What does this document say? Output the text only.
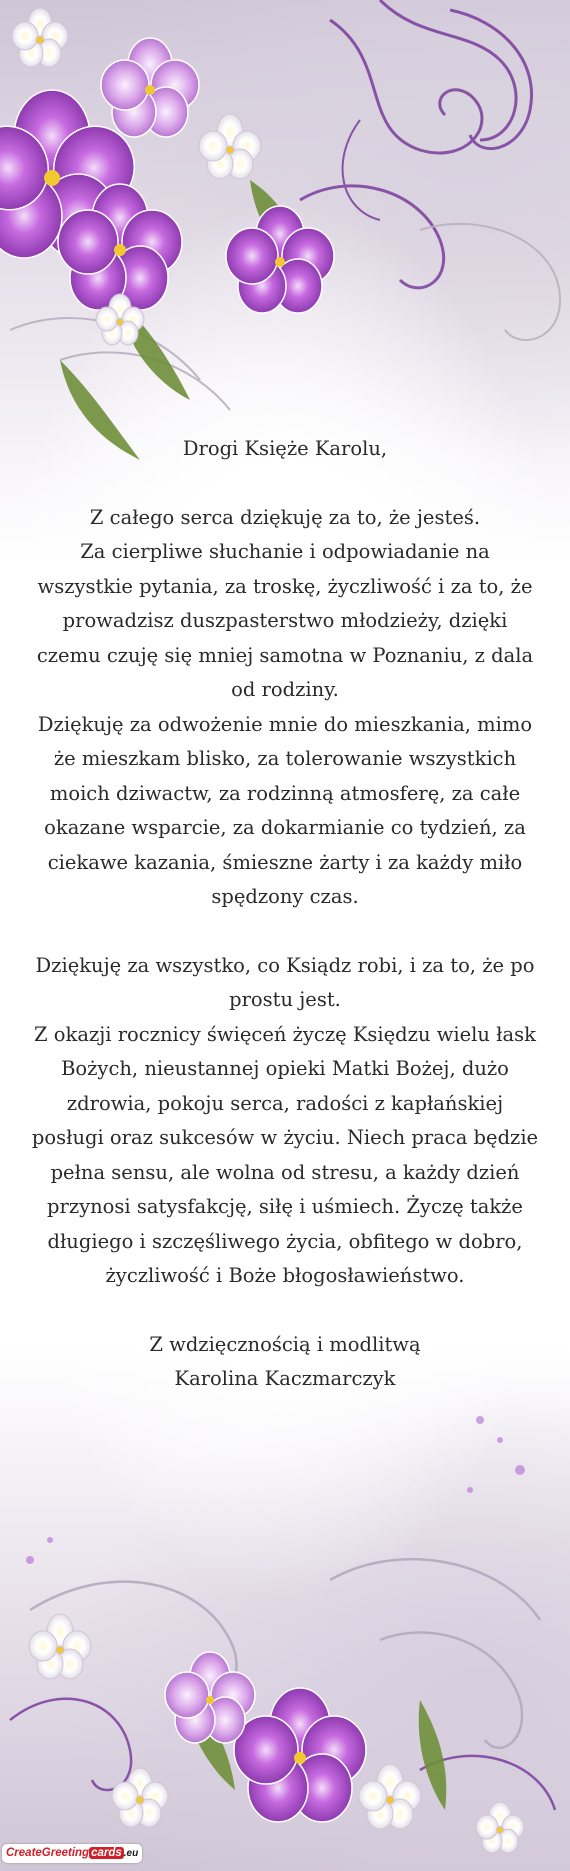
Drogi Księże Karolu,

Z całego serca dziękuję za to, że jesteś.

Za cierpliwe słuchanie i odpowiadanie na wszystkie pytania, za troskę, życzliwość i za to, że prowadzisz duszpasterstwo młodzieży, dzięki czemu czuję się mniej samotna w Poznaniu, z dala od rodziny.

Dziękuję za odwożenie mnie do mieszkania, mimo że mieszkam blisko, za tolerowanie wszystkich moich dziwactw, za rodzinną atmosferę, za całe okazane wsparcie, za dokarmianie co tydzień, za ciekawe kazania, śmieszne żarty i za każdy miło spędzony czas.

Dziękuję za wszystko, co Ksiądz robi, i za to, że po prostu jest.

Z okazji rocznicy święceń życzę Księdzu wielu łask Bożych, nieustannej opieki Matki Bożej, dużo zdrowia, pokoju serca, radości z kapłańskiej posługi oraz sukcesów w życiu. Niech praca będzie pełna sensu, ale wolna od stresu, a każdy dzień przynosi satysfakcję, siłę i uśmiech. Życzę także długiego i szczęśliwego życia, obfitego w dobro, życzliwość i Boże błogosławieństwo.

Z wdzięcznością i modlitwą

Karolina Kaczmarczyk

CreateGreeting cards .eu
